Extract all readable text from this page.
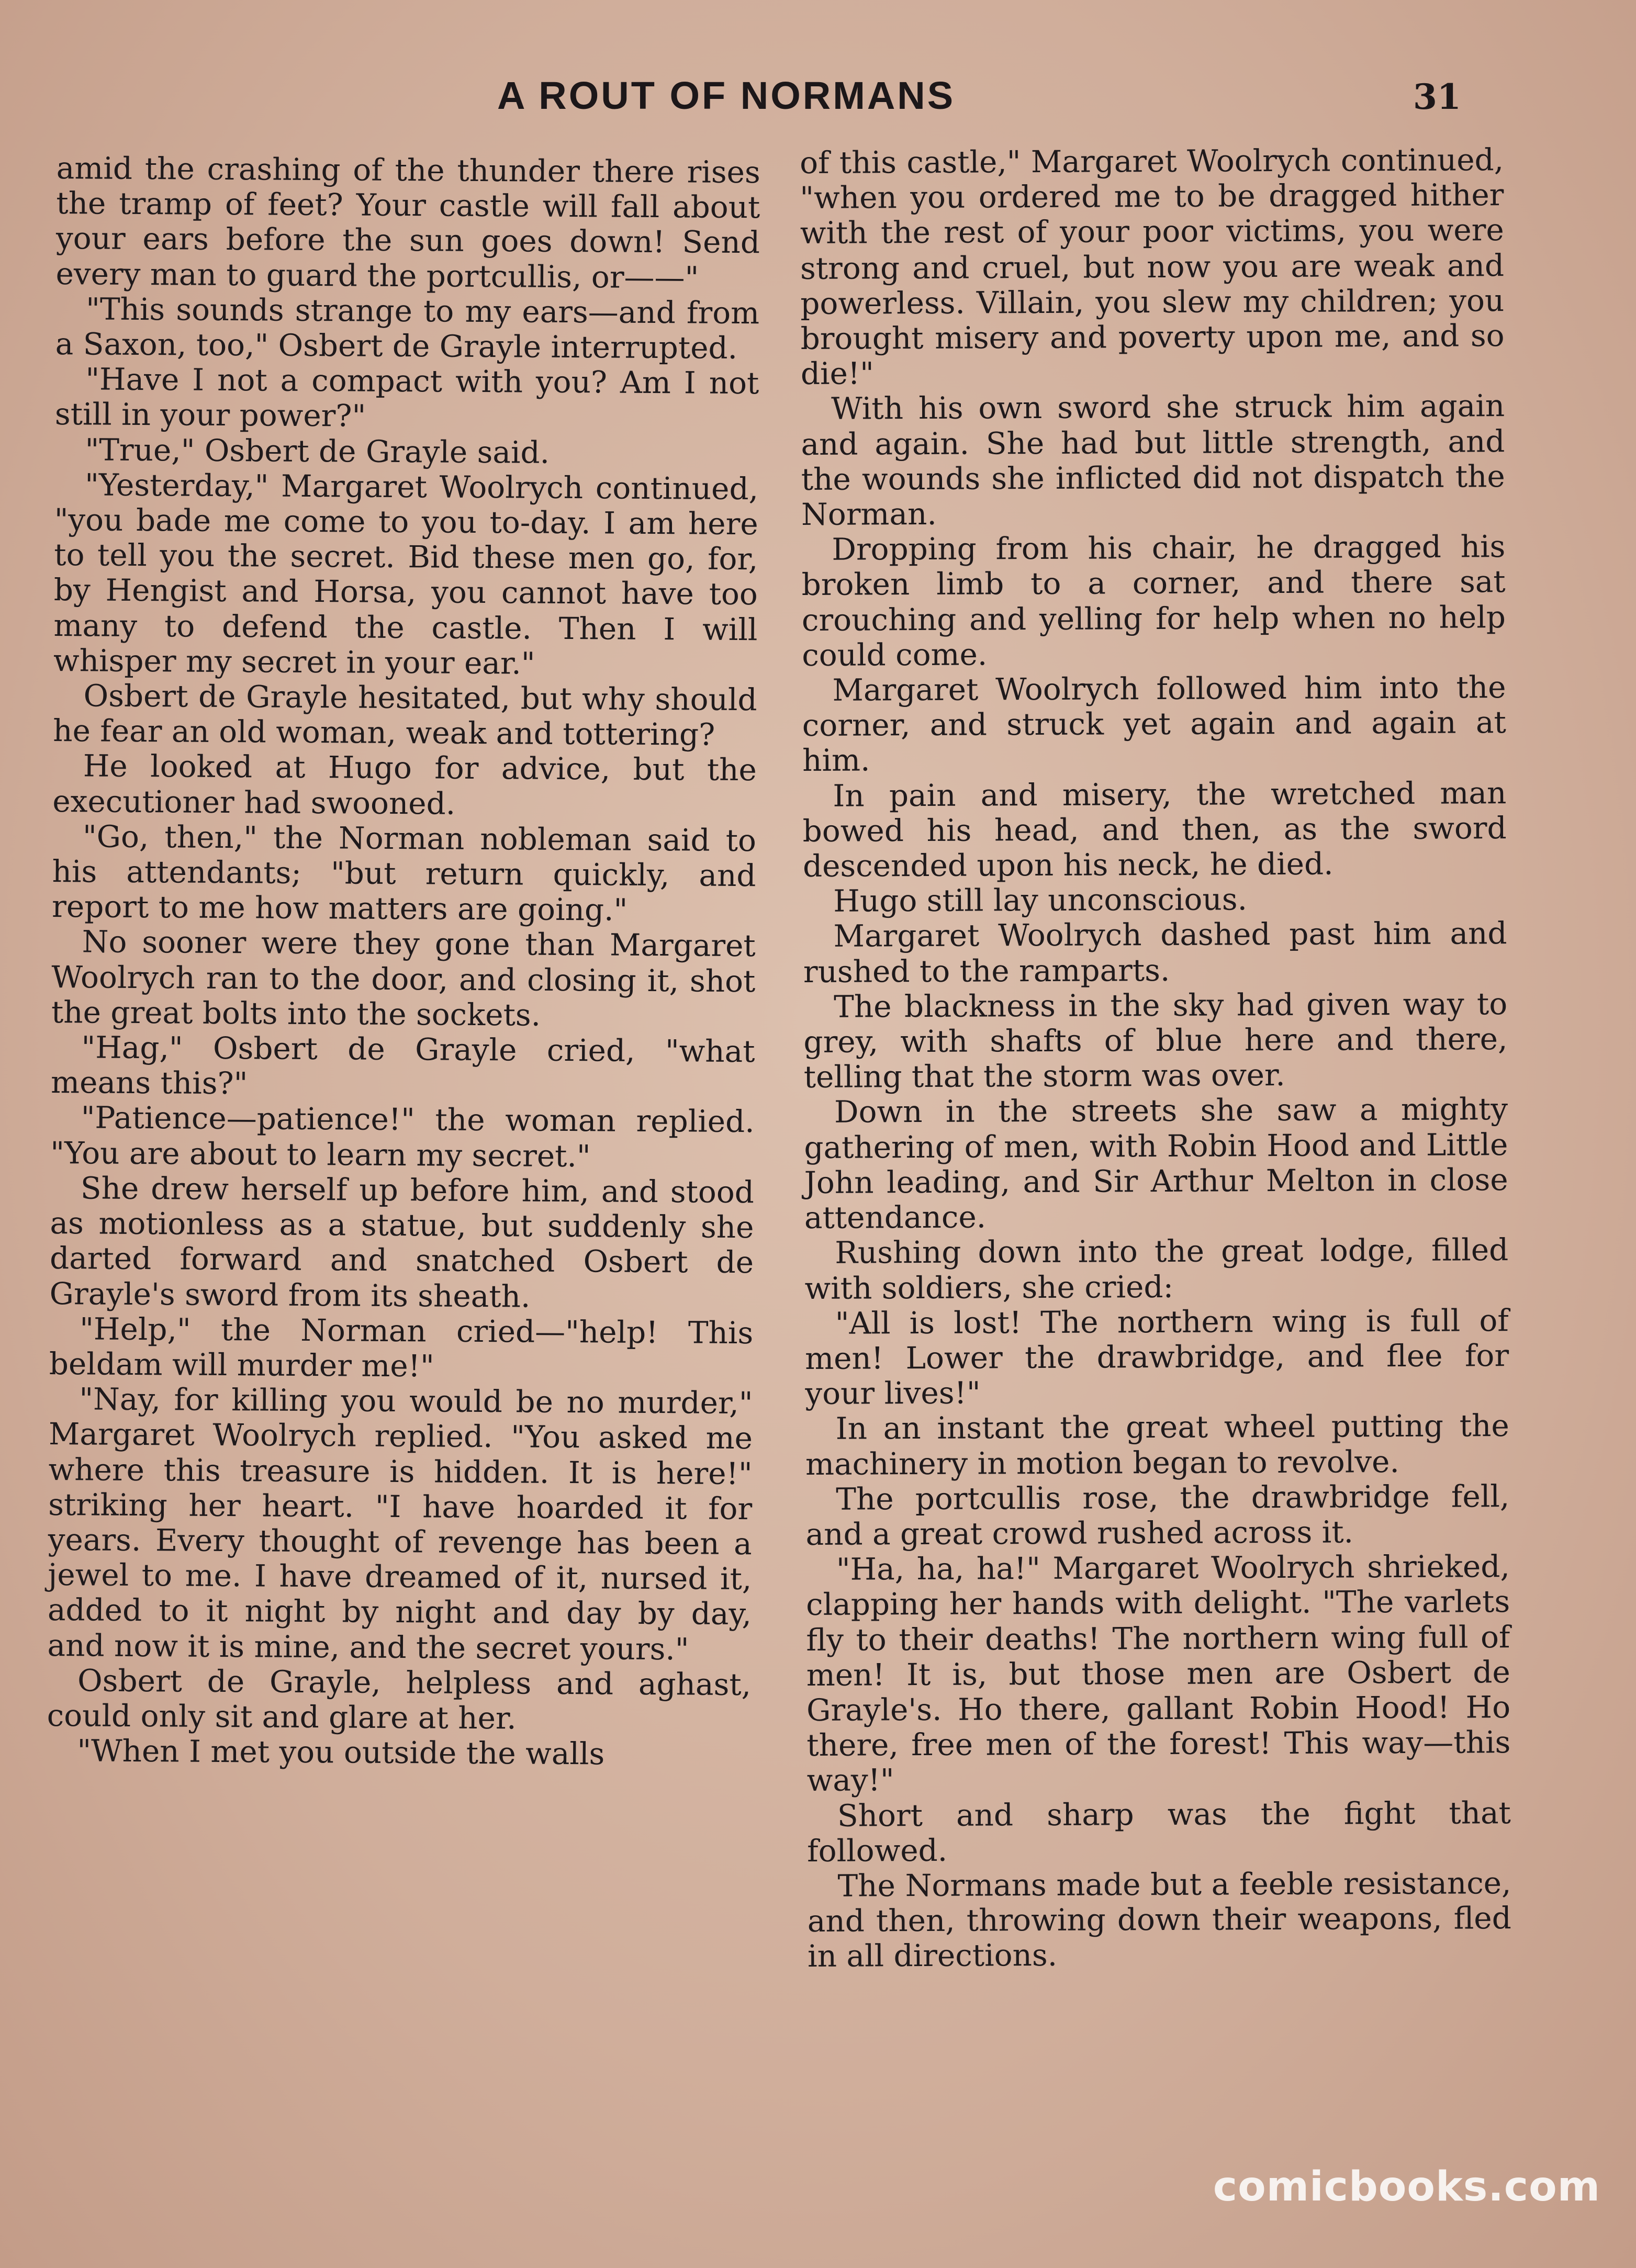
A ROUT OF NORMANS	31

amid the crashing of the thunder there rises the tramp of feet? Your castle will fall about your ears before the sun goes down! Send every man to guard the portcullis, or——"

"This sounds strange to my ears—and from a Saxon, too," Osbert de Grayle interrupted.

"Have I not a compact with you? Am I not still in your power?"

"True," Osbert de Grayle said.

"Yesterday," Margaret Woolrych continued, "you bade me come to you to-day. I am here to tell you the secret. Bid these men go, for, by Hengist and Horsa, you cannot have too many to defend the castle. Then I will whisper my secret in your ear."

Osbert de Grayle hesitated, but why should he fear an old woman, weak and tottering?

He looked at Hugo for advice, but the executioner had swooned.

"Go, then," the Norman nobleman said to his attendants; "but return quickly, and report to me how matters are going."

No sooner were they gone than Margaret Woolrych ran to the door, and closing it, shot the great bolts into the sockets.

"Hag," Osbert de Grayle cried, "what means this?"

"Patience—patience!" the woman replied. "You are about to learn my secret."

She drew herself up before him, and stood as motionless as a statue, but suddenly she darted forward and snatched Osbert de Grayle's sword from its sheath.

"Help," the Norman cried—"help! This beldam will murder me!"

"Nay, for killing you would be no murder," Margaret Woolrych replied. "You asked me where this treasure is hidden. It is here!" striking her heart. "I have hoarded it for years. Every thought of revenge has been a jewel to me. I have dreamed of it, nursed it, added to it night by night and day by day, and now it is mine, and the secret yours."

Osbert de Grayle, helpless and aghast, could only sit and glare at her.

"When I met you outside the walls

of this castle," Margaret Woolrych continued, "when you ordered me to be dragged hither with the rest of your poor victims, you were strong and cruel, but now you are weak and powerless. Villain, you slew my children; you brought misery and poverty upon me, and so die!"

With his own sword she struck him again and again. She had but little strength, and the wounds she inflicted did not dispatch the Norman.

Dropping from his chair, he dragged his broken limb to a corner, and there sat crouching and yelling for help when no help could come.

Margaret Woolrych followed him into the corner, and struck yet again and again at him.

In pain and misery, the wretched man bowed his head, and then, as the sword descended upon his neck, he died.

Hugo still lay unconscious.

Margaret Woolrych dashed past him and rushed to the ramparts.

The blackness in the sky had given way to grey, with shafts of blue here and there, telling that the storm was over.

Down in the streets she saw a mighty gathering of men, with Robin Hood and Little John leading, and Sir Arthur Melton in close attendance.

Rushing down into the great lodge, filled with soldiers, she cried:

"All is lost! The northern wing is full of men! Lower the drawbridge, and flee for your lives!"

In an instant the great wheel putting the machinery in motion began to revolve.

The portcullis rose, the drawbridge fell, and a great crowd rushed across it.

"Ha, ha, ha!" Margaret Woolrych shrieked, clapping her hands with delight. "The varlets fly to their deaths! The northern wing full of men! It is, but those men are Osbert de Grayle's. Ho there, gallant Robin Hood! Ho there, free men of the forest! This way—this way!"

Short and sharp was the fight that followed.

The Normans made but a feeble resistance, and then, throwing down their weapons, fled in all directions.

comicbooks.com
